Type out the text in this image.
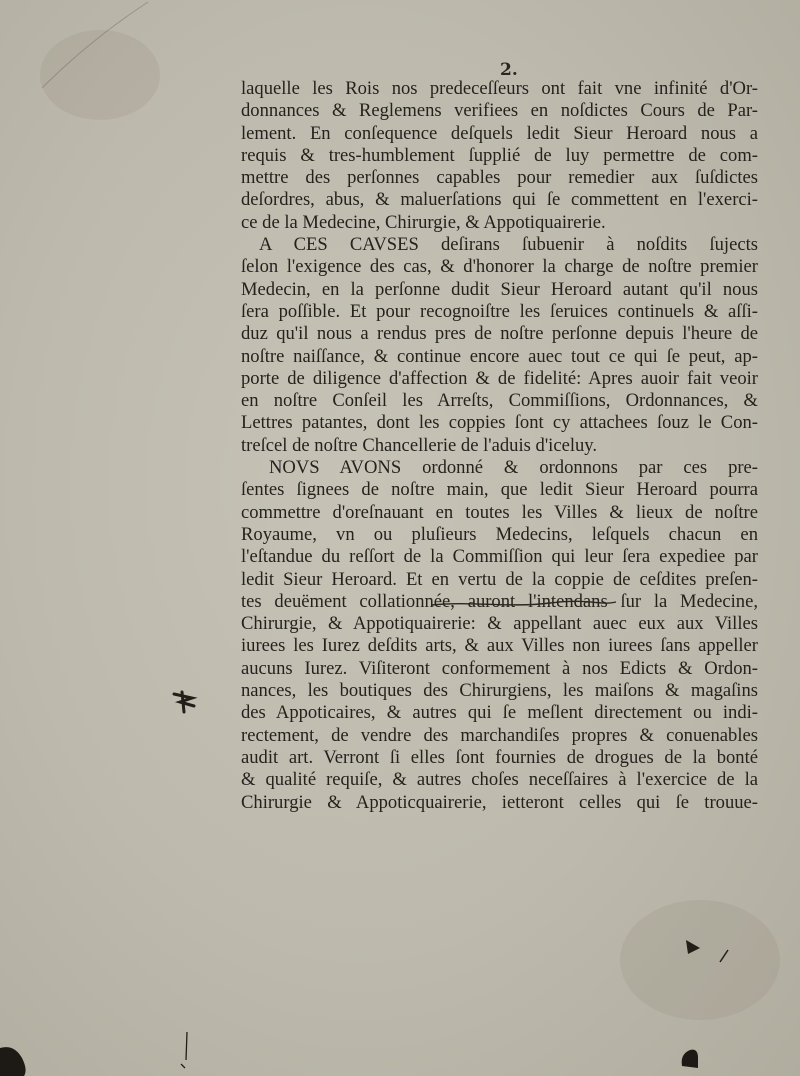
2.
laquelle les Rois nos predeceſſeurs ont fait vne infinité d'Or-
donnances & Reglemens verifiees en noſdictes Cours de Par-
lement. En conſequence deſquels ledit Sieur Heroard nous a
requis & tres-humblement ſupplié de luy permettre de com-
mettre des perſonnes capables pour remedier aux ſuſdictes
deſordres, abus, & maluerſations qui ſe commettent en l'exerci-
ce de la Medecine, Chirurgie, & Appotiquairerie.
A CES CAVSES deſirans ſubuenir à noſdits ſujects
ſelon l'exigence des cas, & d'honorer la charge de noſtre premier
Medecin, en la perſonne dudit Sieur Heroard autant qu'il nous
ſera poſſible. Et pour recognoiſtre les ſeruices continuels & aſſi-
duz qu'il nous a rendus pres de noſtre perſonne depuis l'heure de
noſtre naiſſance, & continue encore auec tout ce qui ſe peut, ap-
porte de diligence d'affection & de fidelité: Apres auoir fait veoir
en noſtre Conſeil les Arreſts, Commiſſions, Ordonnances, &
Lettres patantes, dont les coppies ſont cy attachees ſouz le Con-
treſcel de noſtre Chancellerie de l'aduis d'iceluy.
NOVS AVONS ordonné & ordonnons par ces pre-
ſentes ſignees de noſtre main, que ledit Sieur Heroard pourra
commettre d'oreſnauant en toutes les Villes & lieux de noſtre
Royaume, vn ou pluſieurs Medecins, leſquels chacun en
l'eſtandue du reſſort de la Commiſſion qui leur ſera expediee par
ledit Sieur Heroard. Et en vertu de la coppie de ceſdites preſen-
tes deuëment collationnée, auront l'intendans ſur la Medecine,
Chirurgie, & Appotiquairerie: & appellant auec eux aux Villes
iurees les Iurez deſdits arts, & aux Villes non iurees ſans appeller
aucuns Iurez. Viſiteront conformement à nos Edicts & Ordon-
nances, les boutiques des Chirurgiens, les maiſons & magaſins
des Appoticaires, & autres qui ſe meſlent directement ou indi-
rectement, de vendre des marchandiſes propres & conuenables
audit art. Verront ſi elles ſont fournies de drogues de la bonté
& qualité requiſe, & autres choſes neceſſaires à l'exercice de la
Chirurgie & Appoticquairerie, ietteront celles qui ſe trouue-
